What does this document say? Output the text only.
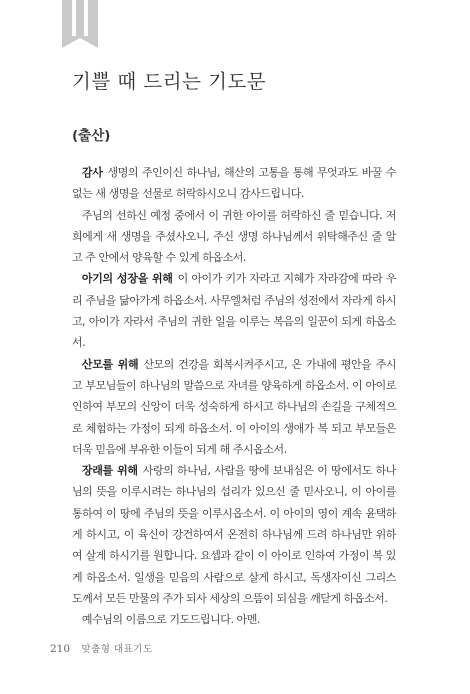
기쁠 때 드리는 기도문
(출산)

감사 생명의 주인이신 하나님, 해산의 고통을 통해 무엇과도 바꿀 수 없는 새 생명을 선물로 허락하시오니 감사드립니다.

주님의 선하신 예정 중에서 이 귀한 아이를 허락하신 줄 믿습니다. 저희에게 새 생명을 주셨사오니, 주신 생명 하나님께서 위탁해주신 줄 알고 주 안에서 양육할 수 있게 하옵소서.

아기의 성장을 위해 이 아이가 키가 자라고 지혜가 자라감에 따라 우리 주님을 닮아가게 하옵소서. 사무엘처럼 주님의 성전에서 자라게 하시고, 아이가 자라서 주님의 귀한 일을 이루는 복음의 일꾼이 되게 하옵소서.

산모를 위해 산모의 건강을 회복시켜주시고, 온 가내에 평안을 주시고 부모님들이 하나님의 말씀으로 자녀를 양육하게 하옵소서. 이 아이로 인하여 부모의 신앙이 더욱 성숙하게 하시고 하나님의 손길을 구체적으로 체험하는 가정이 되게 하옵소서. 이 아이의 생애가 복 되고 부모들은 더욱 믿음에 부유한 이들이 되게 해 주시옵소서.

장래를 위해 사랑의 하나님, 사람을 땅에 보내심은 이 땅에서도 하나님의 뜻을 이루시려는 하나님의 섭리가 있으신 줄 믿사오니, 이 아이를 통하여 이 땅에 주님의 뜻을 이루시옵소서. 이 아이의 영이 계속 윤택하게 하시고, 이 육신이 강건하여서 온전히 하나님께 드려 하나님만 위하여 살게 하시기를 원합니다. 요셉과 같이 이 아이로 인하여 가정이 복 있게 하옵소서. 일생을 믿음의 사람으로 살게 하시고, 독생자이신 그리스도께서 모든 만물의 주가 되사 세상의 으뜸이 되심을 깨닫게 하옵소서.

예수님의 이름으로 기도드립니다. 아멘.

210 맞춤형 대표기도
